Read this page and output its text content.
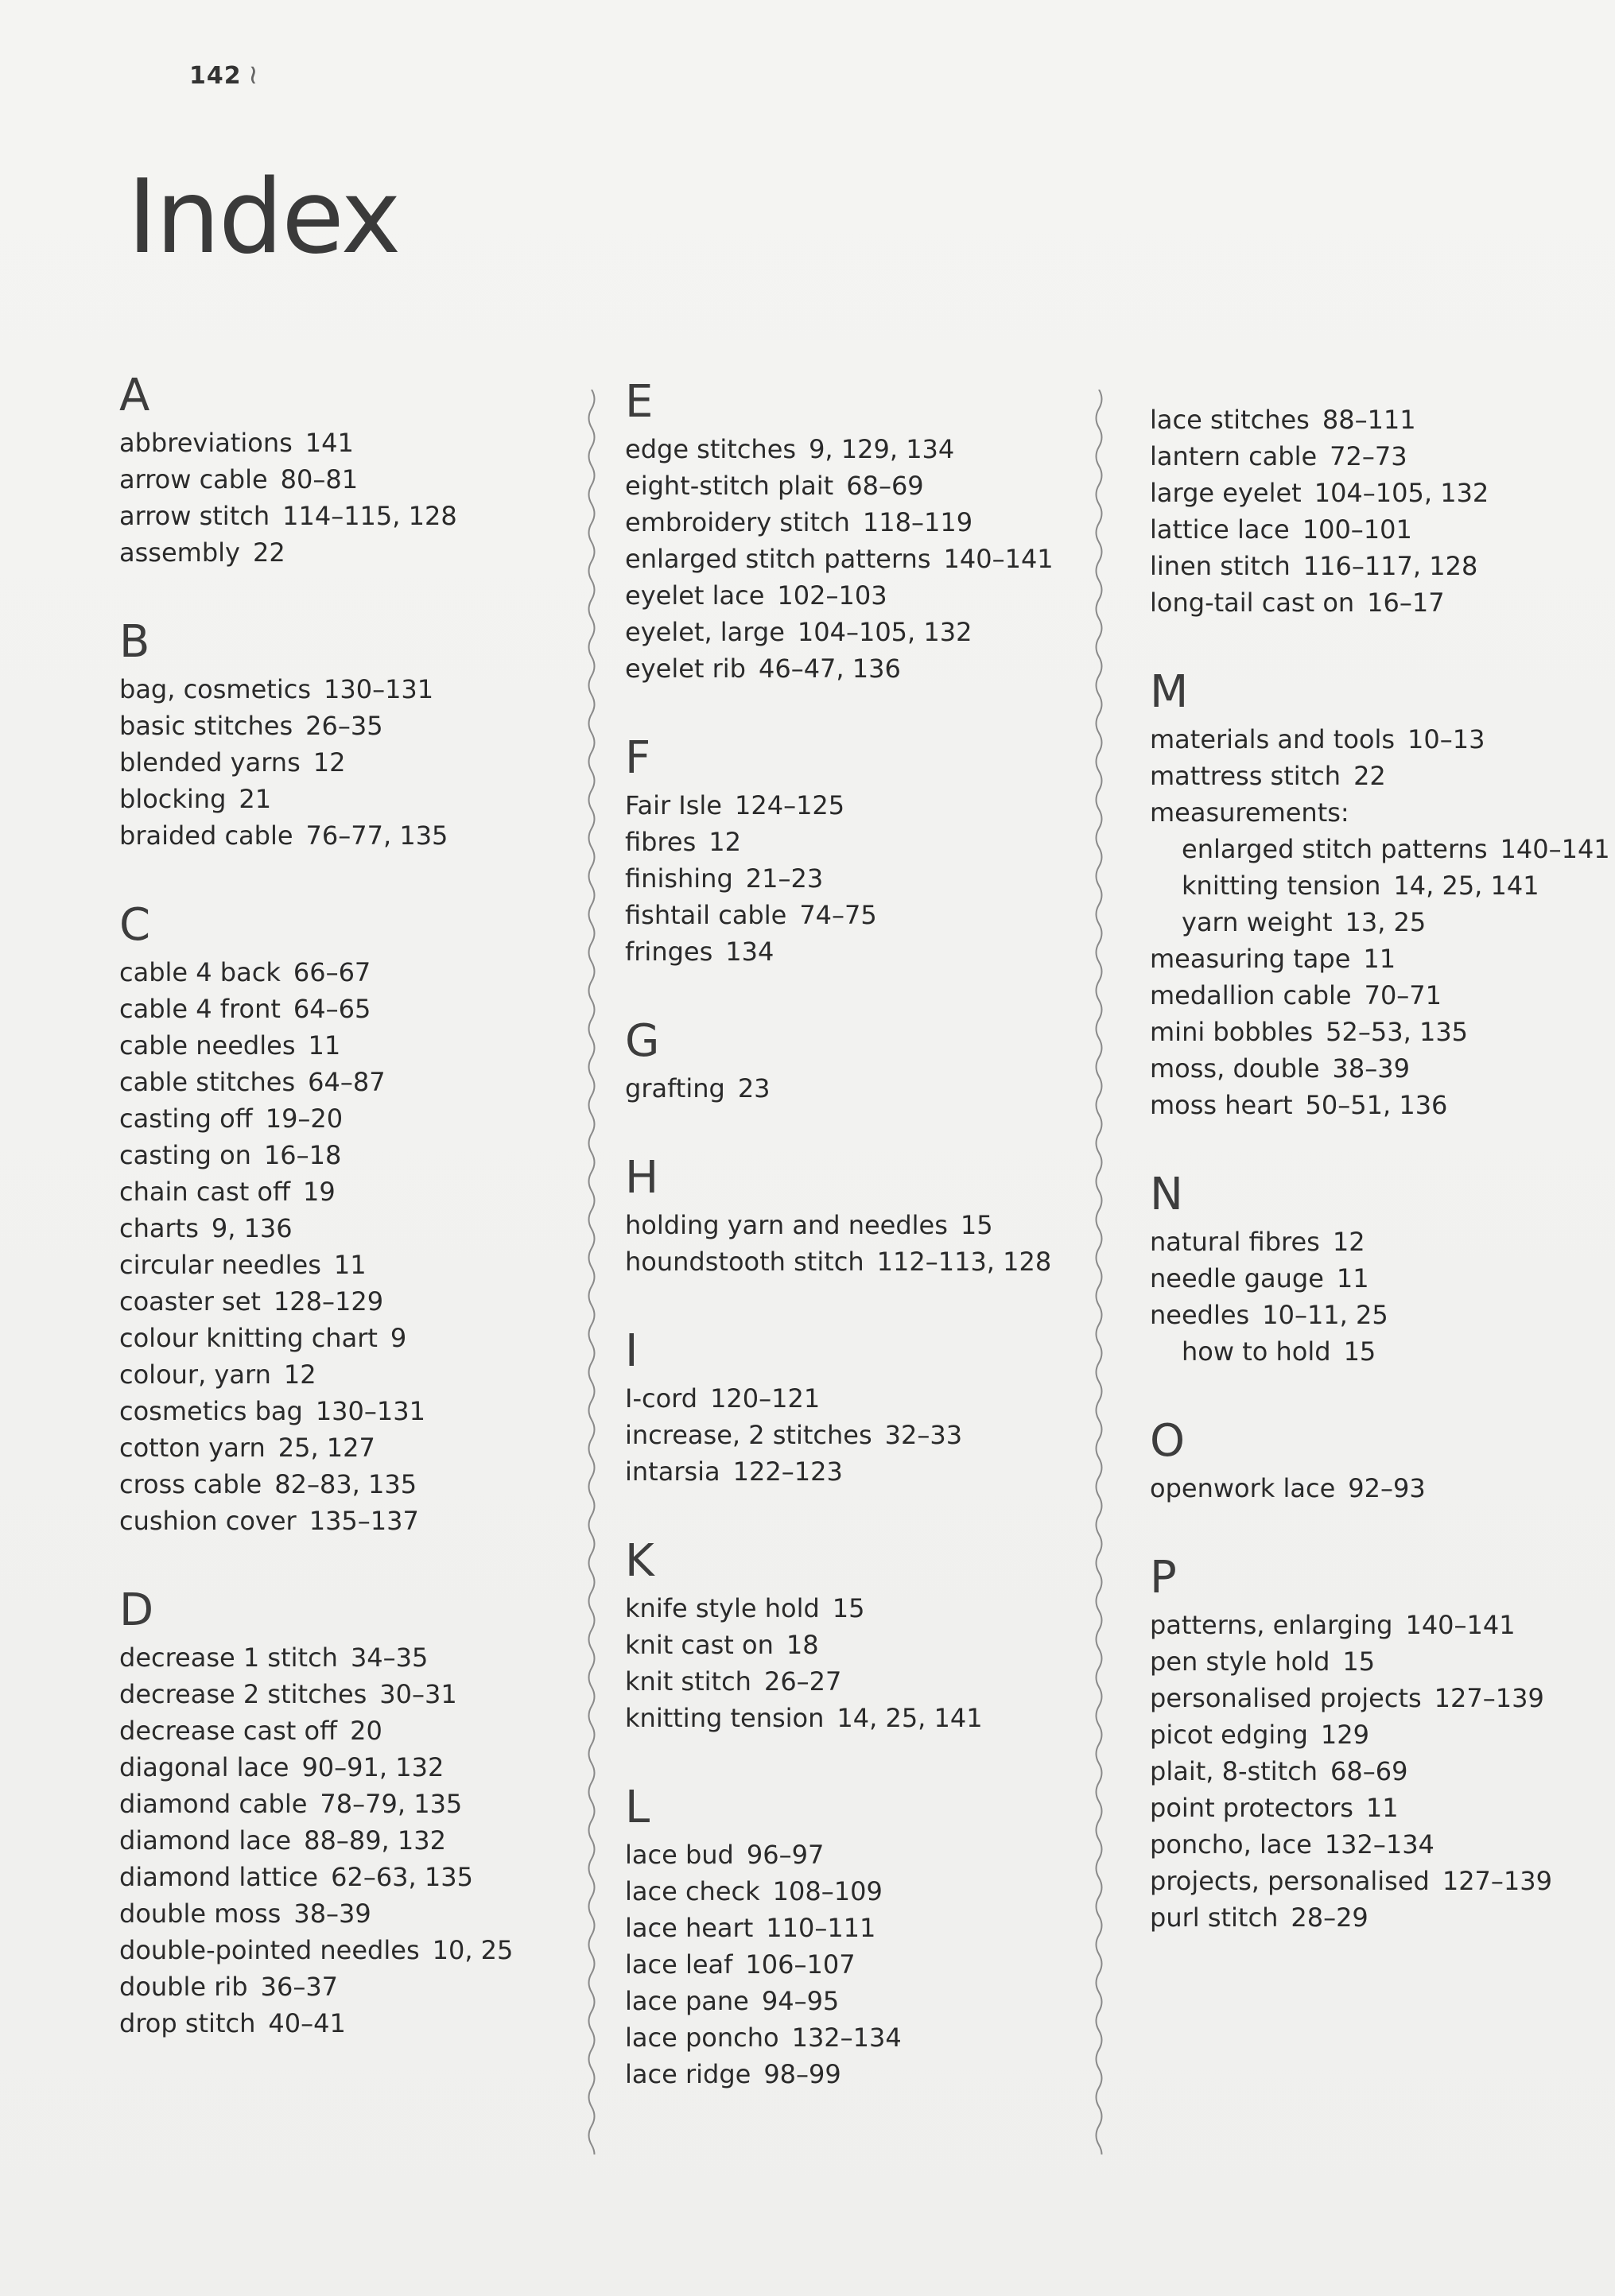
142 ≀
Index
A
abbreviations 141
arrow cable 80–81
arrow stitch 114–115, 128
assembly 22
B
bag, cosmetics 130–131
basic stitches 26–35
blended yarns 12
blocking 21
braided cable 76–77, 135
C
cable 4 back 66–67
cable 4 front 64–65
cable needles 11
cable stitches 64–87
casting off 19–20
casting on 16–18
chain cast off 19
charts 9, 136
circular needles 11
coaster set 128–129
colour knitting chart 9
colour, yarn 12
cosmetics bag 130–131
cotton yarn 25, 127
cross cable 82–83, 135
cushion cover 135–137
D
decrease 1 stitch 34–35
decrease 2 stitches 30–31
decrease cast off 20
diagonal lace 90–91, 132
diamond cable 78–79, 135
diamond lace 88–89, 132
diamond lattice 62–63, 135
double moss 38–39
double-pointed needles 10, 25
double rib 36–37
drop stitch 40–41
E
edge stitches 9, 129, 134
eight-stitch plait 68–69
embroidery stitch 118–119
enlarged stitch patterns 140–141
eyelet lace 102–103
eyelet, large 104–105, 132
eyelet rib 46–47, 136
F
Fair Isle 124–125
fibres 12
finishing 21–23
fishtail cable 74–75
fringes 134
G
grafting 23
H
holding yarn and needles 15
houndstooth stitch 112–113, 128
I
I-cord 120–121
increase, 2 stitches 32–33
intarsia 122–123
K
knife style hold 15
knit cast on 18
knit stitch 26–27
knitting tension 14, 25, 141
L
lace bud 96–97
lace check 108–109
lace heart 110–111
lace leaf 106–107
lace pane 94–95
lace poncho 132–134
lace ridge 98–99
lace stitches 88–111
lantern cable 72–73
large eyelet 104–105, 132
lattice lace 100–101
linen stitch 116–117, 128
long-tail cast on 16–17
M
materials and tools 10–13
mattress stitch 22
measurements:
enlarged stitch patterns 140–141
knitting tension 14, 25, 141
yarn weight 13, 25
measuring tape 11
medallion cable 70–71
mini bobbles 52–53, 135
moss, double 38–39
moss heart 50–51, 136
N
natural fibres 12
needle gauge 11
needles 10–11, 25
how to hold 15
O
openwork lace 92–93
P
patterns, enlarging 140–141
pen style hold 15
personalised projects 127–139
picot edging 129
plait, 8-stitch 68–69
point protectors 11
poncho, lace 132–134
projects, personalised 127–139
purl stitch 28–29
